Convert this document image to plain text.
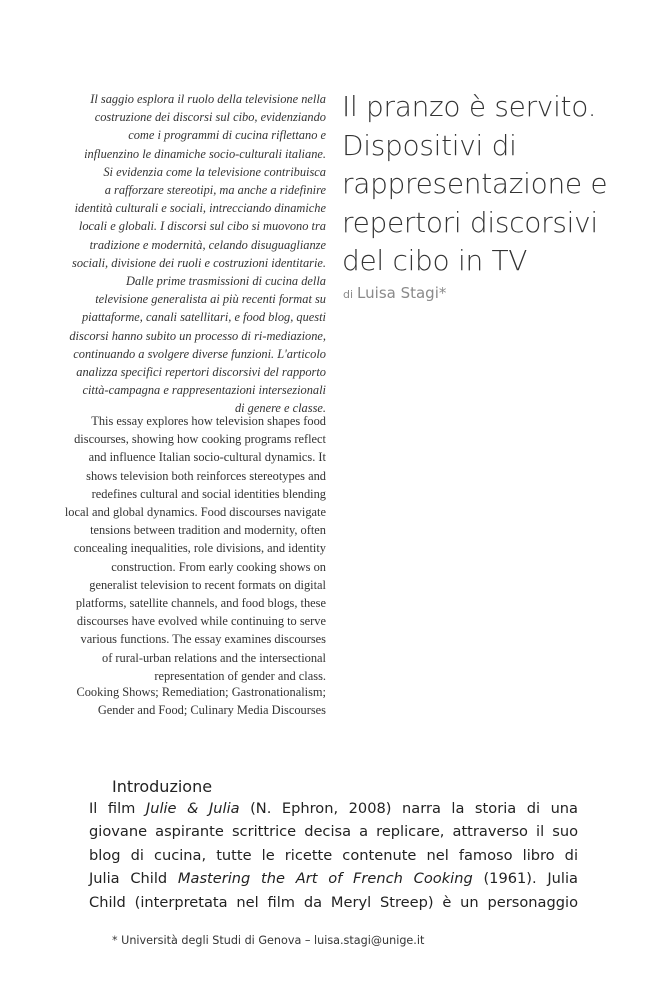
Il saggio esplora il ruolo della televisione nella
costruzione dei discorsi sul cibo, evidenziando
come i programmi di cucina riflettano e
influenzino le dinamiche socio-culturali italiane.
Si evidenzia come la televisione contribuisca
a rafforzare stereotipi, ma anche a ridefinire
identità culturali e sociali, intrecciando dinamiche
locali e globali. I discorsi sul cibo si muovono tra
tradizione e modernità, celando disuguaglianze
sociali, divisione dei ruoli e costruzioni identitarie.
Dalle prime trasmissioni di cucina della
televisione generalista ai più recenti format su
piattaforme, canali satellitari, e food blog, questi
discorsi hanno subito un processo di ri-mediazione,
continuando a svolgere diverse funzioni. L'articolo
analizza specifici repertori discorsivi del rapporto
città-campagna e rappresentazioni intersezionali
di genere e classe.
This essay explores how television shapes food
discourses, showing how cooking programs reflect
and influence Italian socio-cultural dynamics. It
shows television both reinforces stereotypes and
redefines cultural and social identities blending
local and global dynamics. Food discourses navigate
tensions between tradition and modernity, often
concealing inequalities, role divisions, and identity
construction. From early cooking shows on
generalist television to recent formats on digital
platforms, satellite channels, and food blogs, these
discourses have evolved while continuing to serve
various functions. The essay examines discourses
of rural-urban relations and the intersectional
representation of gender and class.
Cooking Shows; Remediation; Gastronationalism;
Gender and Food; Culinary Media Discourses
Il pranzo è servito.
Dispositivi di
rappresentazione e
repertori discorsivi
del cibo in TV
di Luisa Stagi*
Introduzione

Il film Julie & Julia (N. Ephron, 2008) narra la storia di una
giovane aspirante scrittrice decisa a replicare, attraverso il suo
blog di cucina, tutte le ricette contenute nel famoso libro di
Julia Child Mastering the Art of French Cooking (1961). Julia
Child (interpretata nel film da Meryl Streep) è un personaggio

* Università degli Studi di Genova – luisa.stagi@unige.it
